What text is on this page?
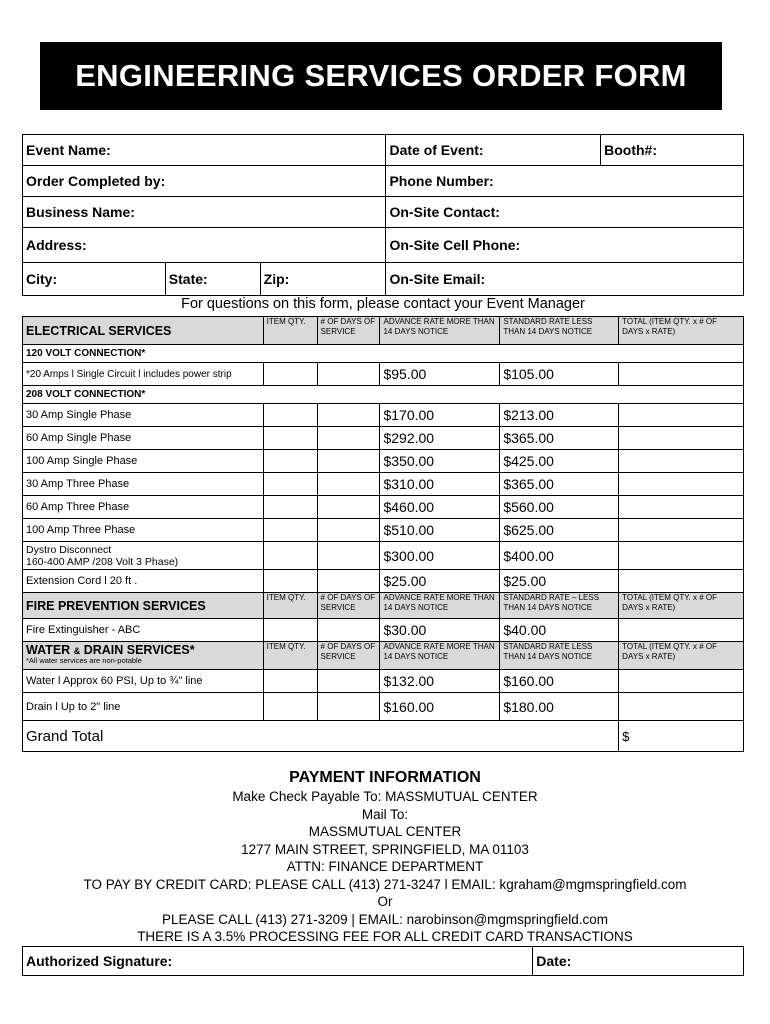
ENGINEERING SERVICES ORDER FORM
Event Name:			Date of Event:	Booth#:
Order Completed by:			Phone Number:	
Business Name:			On-Site Contact:	
Address:			On-Site Cell Phone:	
City:	State:	Zip:	On-Site Email:	
For questions on this form, please contact your Event Manager
ELECTRICAL SERVICES	ITEM QTY.	# OF DAYS OF SERVICE	ADVANCE RATE MORE THAN 14 DAYS NOTICE	STANDARD RATE LESS THAN 14 DAYS NOTICE	TOTAL (ITEM QTY. x # OF DAYS x RATE)
120 VOLT CONNECTION*					
*20 Amps l Single Circuit l includes power strip			$95.00	$105.00	
208 VOLT CONNECTION*					
30 Amp Single Phase			$170.00	$213.00	
60 Amp Single Phase			$292.00	$365.00	
100 Amp Single Phase			$350.00	$425.00	
30 Amp Three Phase			$310.00	$365.00	
60 Amp Three Phase			$460.00	$560.00	
100 Amp Three Phase			$510.00	$625.00	
Dystro Disconnect
160-400 AMP /208 Volt 3 Phase)			$300.00	$400.00	
Extension Cord l 20 ft .			$25.00	$25.00	
FIRE PREVENTION SERVICES	ITEM QTY.	# OF DAYS OF SERVICE	ADVANCE RATE MORE THAN 14 DAYS NOTICE	STANDARD RATE – LESS THAN 14 DAYS NOTICE	TOTAL (ITEM QTY. x # OF DAYS x RATE)
Fire Extinguisher - ABC			$30.00	$40.00	
WATER & DRAIN SERVICES*
*All water services are non-potable	ITEM QTY.	# OF DAYS OF SERVICE	ADVANCE RATE MORE THAN 14 DAYS NOTICE	STANDARD RATE LESS THAN 14 DAYS NOTICE	TOTAL (ITEM QTY. x # OF DAYS x RATE)
Water l Approx 60 PSI, Up to ¾" line			$132.00	$160.00	
Drain l Up to 2" line			$160.00	$180.00	
Grand Total					$
PAYMENT INFORMATION
Make Check Payable To: MASSMUTUAL CENTER
Mail To:
MASSMUTUAL CENTER
1277 MAIN STREET, SPRINGFIELD, MA 01103
ATTN: FINANCE DEPARTMENT
TO PAY BY CREDIT CARD: PLEASE CALL (413) 271-3247 l EMAIL: kgraham@mgmspringfield.com
Or
PLEASE CALL (413) 271-3209 | EMAIL: narobinson@mgmspringfield.com
THERE IS A 3.5% PROCESSING FEE FOR ALL CREDIT CARD TRANSACTIONS
Authorized Signature:	Date:
